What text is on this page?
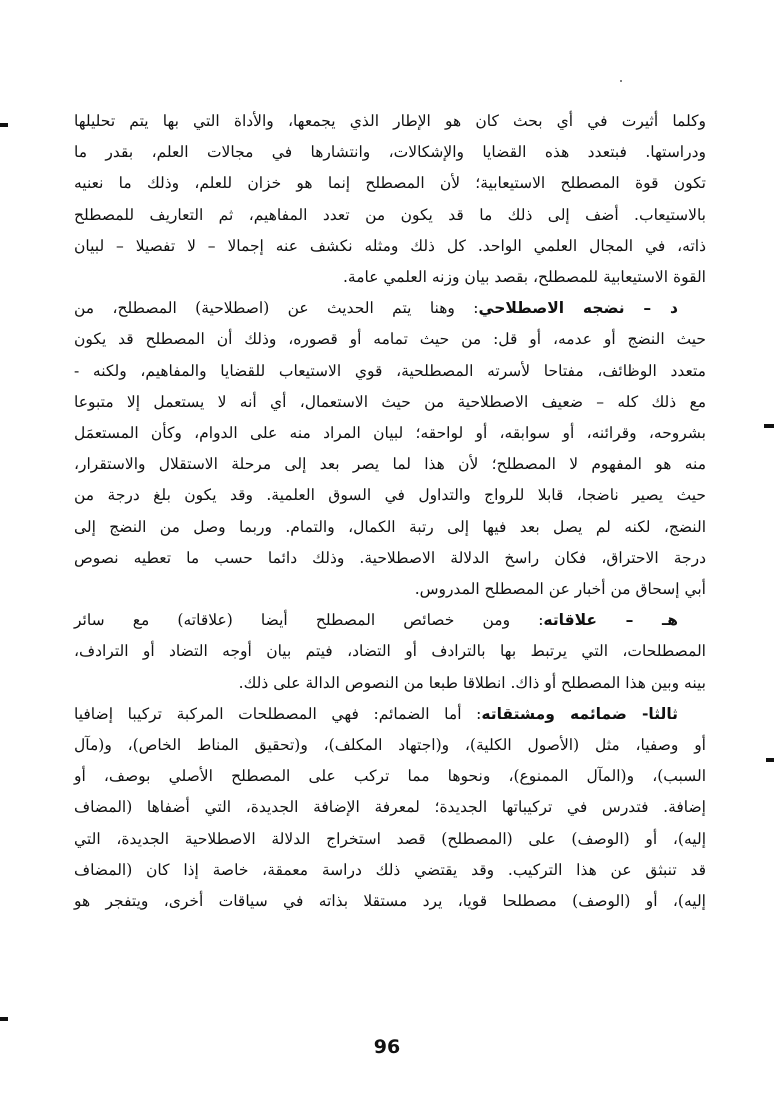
وكلما أثيرت في أي بحث كان هو الإطار الذي يجمعها، والأداة التي بها يتم تحليلها
ودراستها. فبتعدد هذه القضايا والإشكالات، وانتشارها في مجالات العلم، بقدر ما
تكون قوة المصطلح الاستيعابية؛ لأن المصطلح إنما هو خزان للعلم، وذلك ما نعنيه
بالاستيعاب. أضف إلى ذلك ما قد يكون من تعدد المفاهيم، ثم التعاريف للمصطلح
ذاته، في المجال العلمي الواحد. كل ذلك ومثله نكشف عنه إجمالا – لا تفصيلا – لبيان
القوة الاستيعابية للمصطلح، بقصد بيان وزنه العلمي عامة.
د – نضجه الاصطلاحي: وهنا يتم الحديث عن (اصطلاحية) المصطلح، من
حيث النضج أو عدمه، أو قل: من حيث تمامه أو قصوره، وذلك أن المصطلح قد يكون
متعدد الوظائف، مفتاحا لأسرته المصطلحية، قوي الاستيعاب للقضايا والمفاهيم، ولكنه -
مع ذلك كله – ضعيف الاصطلاحية من حيث الاستعمال، أي أنه لا يستعمل إلا متبوعا
بشروحه، وقرائنه، أو سوابقه، أو لواحقه؛ لبيان المراد منه على الدوام، وكأن المستعمَل
منه هو المفهوم لا المصطلح؛ لأن هذا لما يصر بعد إلى مرحلة الاستقلال والاستقرار،
حيث يصير ناضجا، قابلا للرواج والتداول في السوق العلمية. وقد يكون بلغ درجة من
النضج، لكنه لم يصل بعد فيها إلى رتبة الكمال، والتمام. وربما وصل من النضج إلى
درجة الاحتراق، فكان راسخ الدلالة الاصطلاحية. وذلك دائما حسب ما تعطيه نصوص
أبي إسحاق من أخبار عن المصطلح المدروس.
هـ – علاقاته: ومن خصائص المصطلح أيضا (علاقاته) مع سائر
المصطلحات، التي يرتبط بها بالترادف أو التضاد، فيتم بيان أوجه التضاد أو الترادف،
بينه وبين هذا المصطلح أو ذاك. انطلاقا طبعا من النصوص الدالة على ذلك.
ثالثا- ضمائمه ومشتقاته: أما الضمائم: فهي المصطلحات المركبة تركيبا إضافيا
أو وصفيا، مثل (الأصول الكلية)، و(اجتهاد المكلف)، و(تحقيق المناط الخاص)، و(مآل
السبب)، و(المآل الممنوع)، ونحوها مما تركب على المصطلح الأصلي بوصف، أو
إضافة. فتدرس في تركيباتها الجديدة؛ لمعرفة الإضافة الجديدة، التي أضفاها (المضاف
إليه)، أو (الوصف) على (المصطلح) قصد استخراج الدلالة الاصطلاحية الجديدة، التي
قد تنبثق عن هذا التركيب. وقد يقتضي ذلك دراسة معمقة، خاصة إذا كان (المضاف
إليه)، أو (الوصف) مصطلحا قويا، يرد مستقلا بذاته في سياقات أخرى، ويتفجر هو
96
